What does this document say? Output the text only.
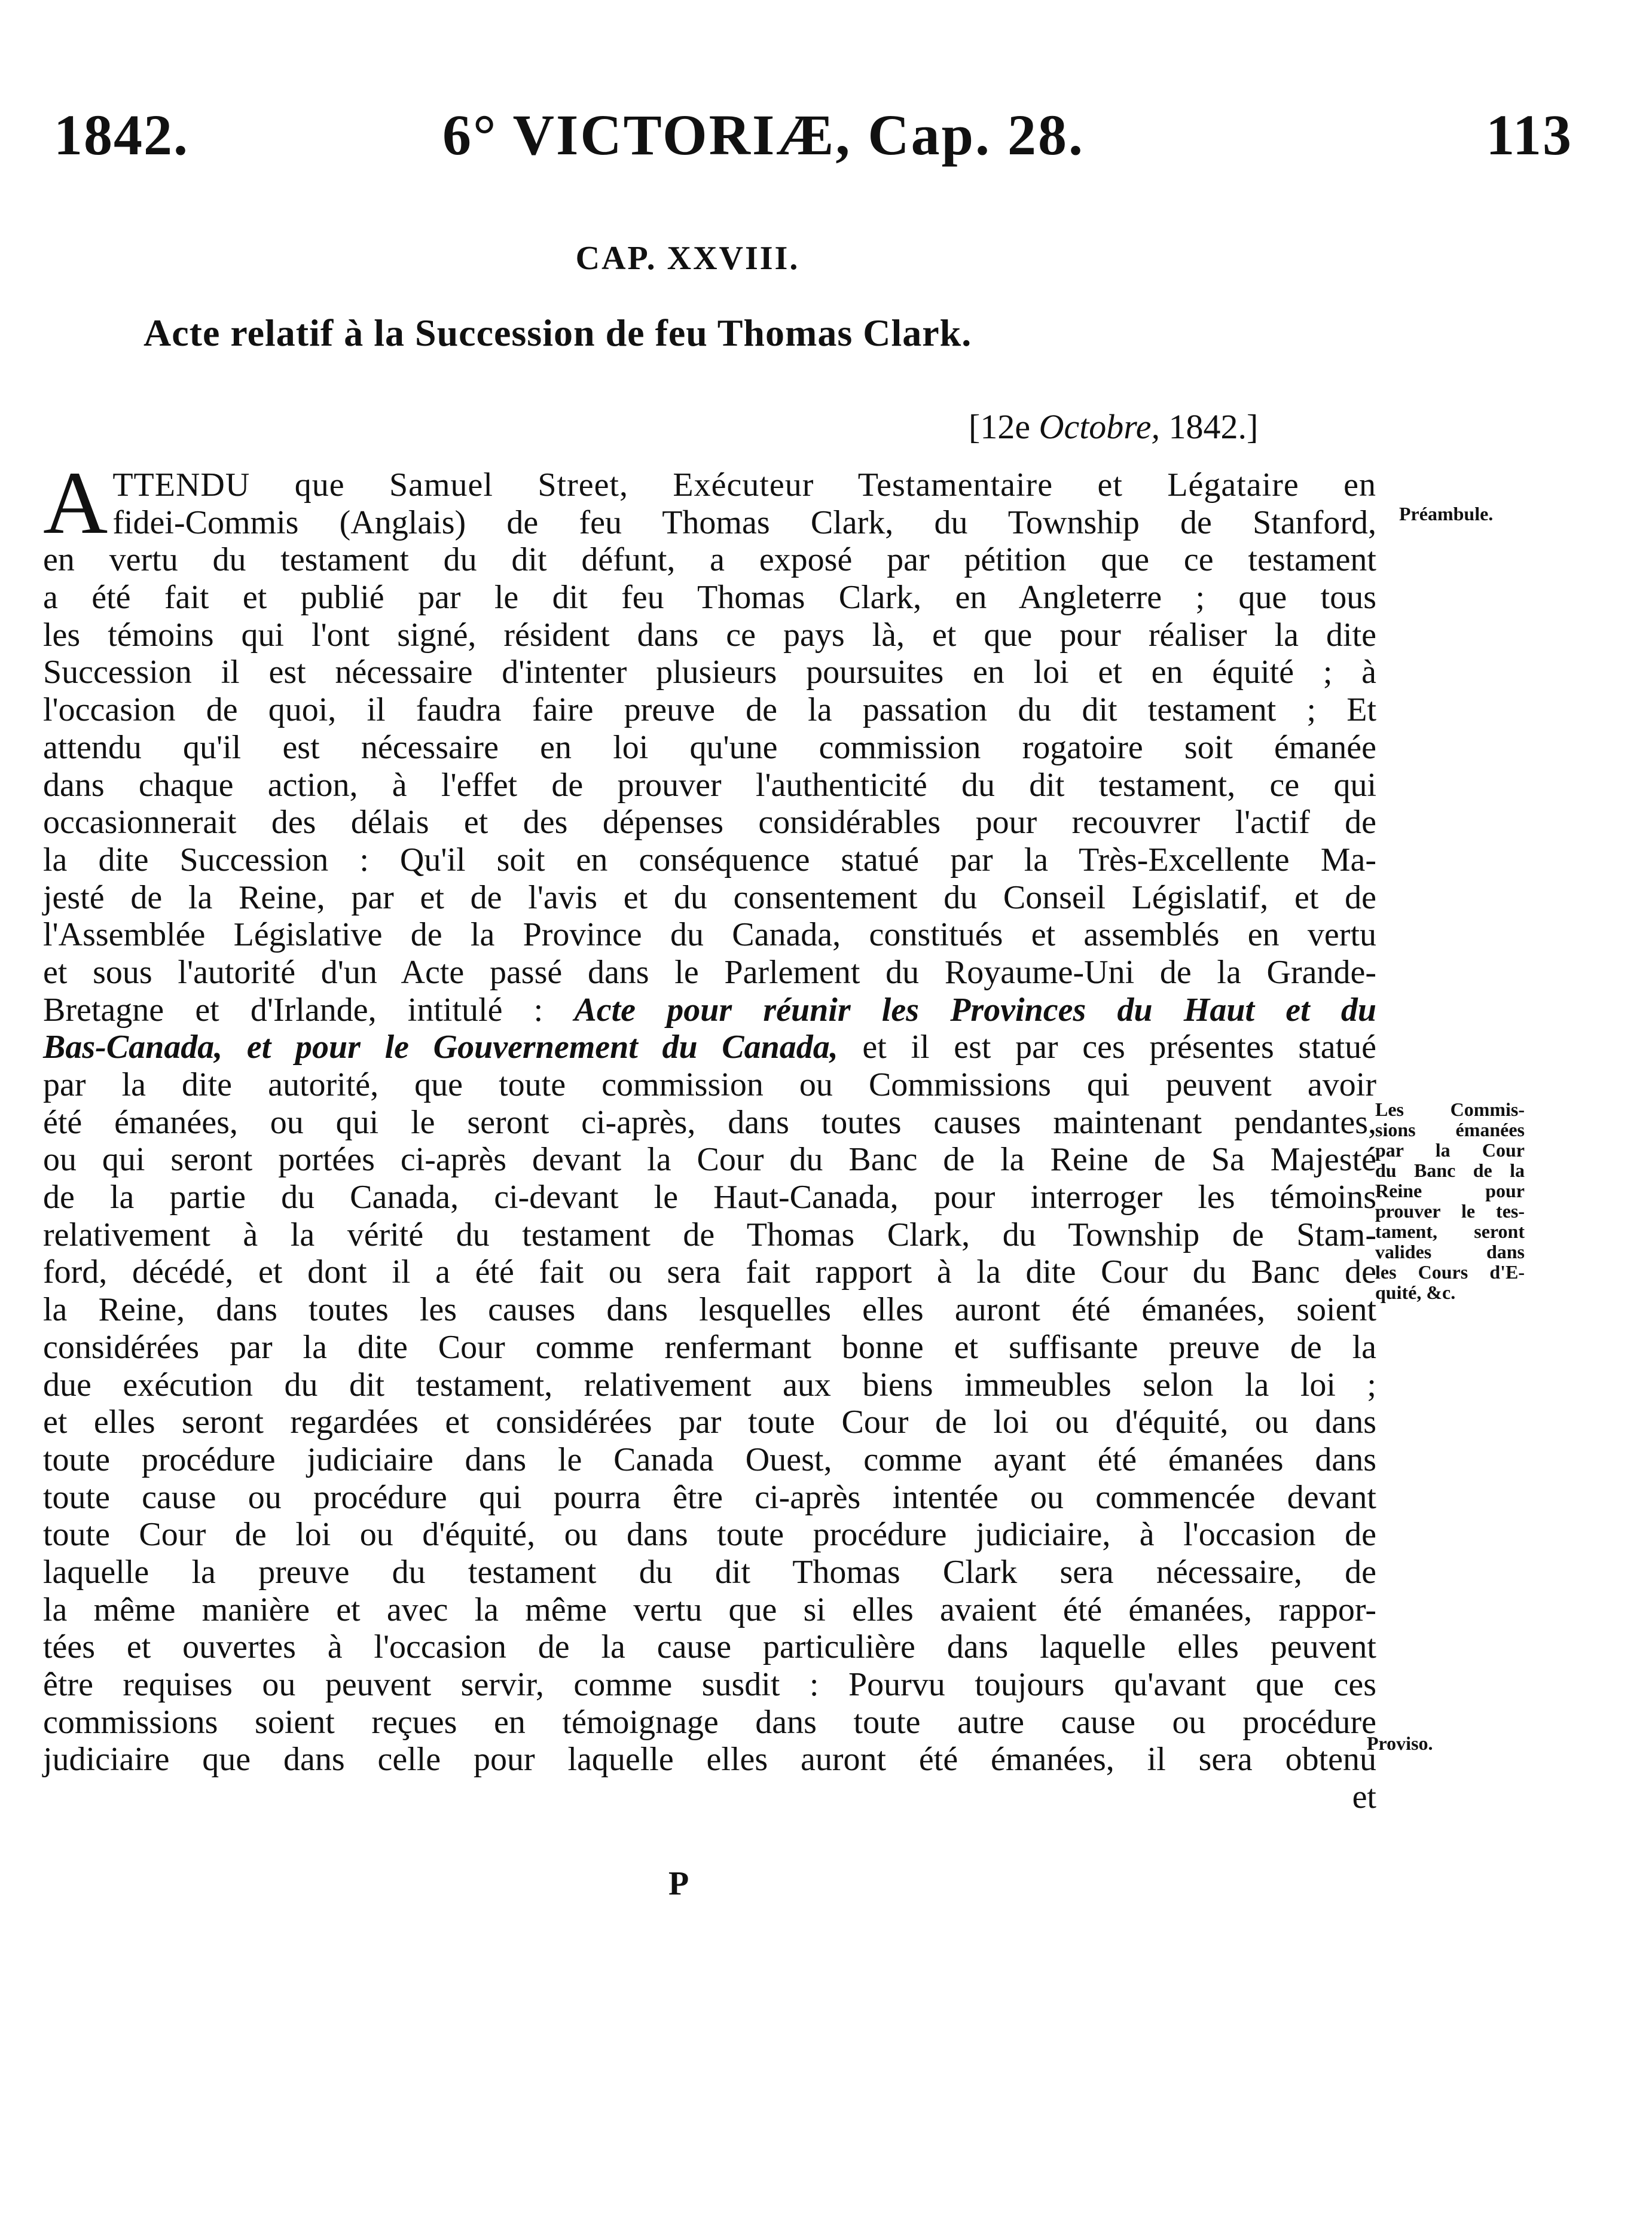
1842.	6° VICTORIÆ, Cap. 28.	113
CAP. XXVIII.
Acte relatif à la Succession de feu Thomas Clark.
[12e Octobre, 1842.]
A TTENDU que Samuel Street, Exécuteur Testamentaire et Légataire en
fidei-Commis (Anglais) de feu Thomas Clark, du Township de Stanford,
en vertu du testament du dit défunt, a exposé par pétition que ce testament
a été fait et publié par le dit feu Thomas Clark, en Angleterre ; que tous
les témoins qui l'ont signé, résident dans ce pays là, et que pour réaliser la dite
Succession il est nécessaire d'intenter plusieurs poursuites en loi et en équité ; à
l'occasion de quoi, il faudra faire preuve de la passation du dit testament ; Et
attendu qu'il est nécessaire en loi qu'une commission rogatoire soit émanée
dans chaque action, à l'effet de prouver l'authenticité du dit testament, ce qui
occasionnerait des délais et des dépenses considérables pour recouvrer l'actif de
la dite Succession : Qu'il soit en conséquence statué par la Très-Excellente Ma-
jesté de la Reine, par et de l'avis et du consentement du Conseil Législatif, et de
l'Assemblée Législative de la Province du Canada, constitués et assemblés en vertu
et sous l'autorité d'un Acte passé dans le Parlement du Royaume-Uni de la Grande-
Bretagne et d'Irlande, intitulé : Acte pour réunir les Provinces du Haut et du
Bas-Canada, et pour le Gouvernement du Canada, et il est par ces présentes statué
par la dite autorité, que toute commission ou Commissions qui peuvent avoir
été émanées, ou qui le seront ci-après, dans toutes causes maintenant pendantes,
ou qui seront portées ci-après devant la Cour du Banc de la Reine de Sa Majesté
de la partie du Canada, ci-devant le Haut-Canada, pour interroger les témoins
relativement à la vérité du testament de Thomas Clark, du Township de Stam-
ford, décédé, et dont il a été fait ou sera fait rapport à la dite Cour du Banc de
la Reine, dans toutes les causes dans lesquelles elles auront été émanées, soient
considérées par la dite Cour comme renfermant bonne et suffisante preuve de la
due exécution du dit testament, relativement aux biens immeubles selon la loi ;
et elles seront regardées et considérées par toute Cour de loi ou d'équité, ou dans
toute procédure judiciaire dans le Canada Ouest, comme ayant été émanées dans
toute cause ou procédure qui pourra être ci-après intentée ou commencée devant
toute Cour de loi ou d'équité, ou dans toute procédure judiciaire, à l'occasion de
laquelle la preuve du testament du dit Thomas Clark sera nécessaire, de
la même manière et avec la même vertu que si elles avaient été émanées, rappor-
tées et ouvertes à l'occasion de la cause particulière dans laquelle elles peuvent
être requises ou peuvent servir, comme susdit : Pourvu toujours qu'avant que ces
commissions soient reçues en témoignage dans toute autre cause ou procédure
judiciaire que dans celle pour laquelle elles auront été émanées, il sera obtenu
et
Préambule.
Les Commis-
sions émanées
par la Cour
du Banc de la
Reine pour
prouver le tes-
tament, seront
valides dans
les Cours d'E-
quité, &c.
Proviso.
P
